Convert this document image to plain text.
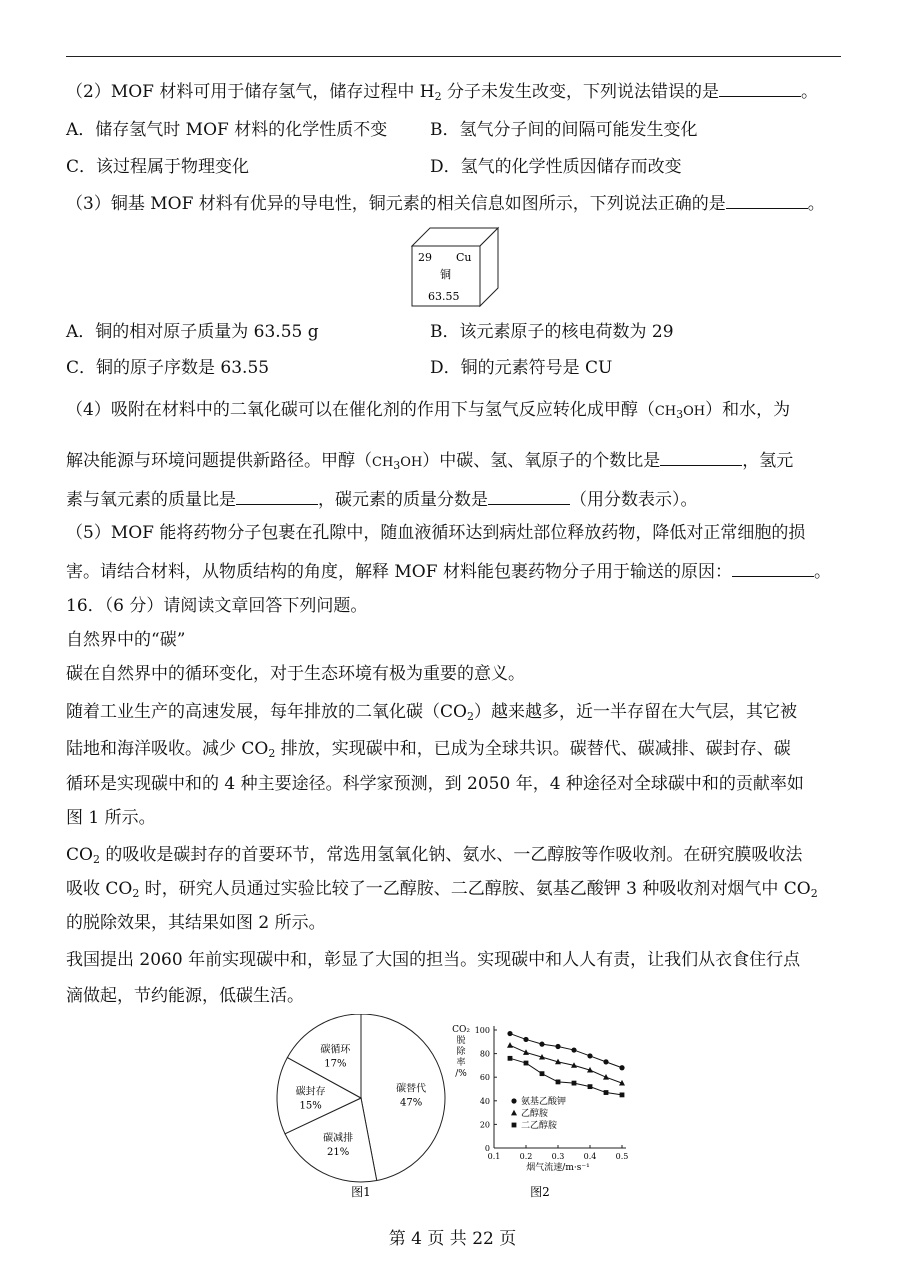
（2）MOF 材料可用于储存氢气，储存过程中 $H_2$ 分子未发生改变，下列说法错误的是	。
A．储存氢气时 MOF 材料的化学性质不变	B．氢气分子间的间隔可能发生变化
C．该过程属于物理变化	D．氢气的化学性质因储存而改变
（3）铜基 MOF 材料有优异的导电性，铜元素的相关信息如图所示，下列说法正确的是	。
29 Cu
铜
63.55
A．铜的相对原子质量为 63.55 g	B．该元素原子的核电荷数为 29
C．铜的原子序数是 63.55	D．铜的元素符号是 CU
（4）吸附在材料中的二氧化碳可以在催化剂的作用下与氢气反应转化成甲醇$(CH_3OH)$和水，为
解决能源与环境问题提供新路径。甲醇$(CH_3OH)$中碳、氢、氧原子的个数比是	，氢元
素与氧元素的质量比是	，碳元素的质量分数是	（用分数表示）。
（5）MOF 能将药物分子包裹在孔隙中，随血液循环达到病灶部位释放药物，降低对正常细胞的损
害。请结合材料，从物质结构的角度，解释 MOF 材料能包裹药物分子用于输送的原因：	。
16．（6 分）请阅读文章回答下列问题。
自然界中的“碳”
碳在自然界中的循环变化，对于生态环境有极为重要的意义。
随着工业生产的高速发展，每年排放的二氧化碳$(CO_2)$越来越多，近一半存留在大气层，其它被
陆地和海洋吸收。减少 $CO_2$ 排放，实现碳中和，已成为全球共识。碳替代、碳减排、碳封存、碳
循环是实现碳中和的 4 种主要途径。科学家预测，到 2050 年，4 种途径对全球碳中和的贡献率如
图 1 所示。
$CO_2$ 的吸收是碳封存的首要环节，常选用氢氧化钠、氨水、一乙醇胺等作吸收剂。在研究膜吸收法
吸收 $CO_2$ 时，研究人员通过实验比较了一乙醇胺、二乙醇胺、氨基乙酸钾 3 种吸收剂对烟气中 $CO_2$
的脱除效果，其结果如图 2 所示。
我国提出 2060 年前实现碳中和，彰显了大国的担当。实现碳中和人人有责，让我们从衣食住行点
滴做起，节约能源，低碳生活。
碳替代
47%
碳减排
21%
碳封存
15%
碳循环
17%
图1
CO₂
脱
除
率
/%
0
20
40
60
80
100
0.1 0.2 0.3 0.4 0.5
氨基乙酸钾
乙醇胺
二乙醇胺
烟气流速/m·s⁻¹
图2
第 4 页 共 22 页
